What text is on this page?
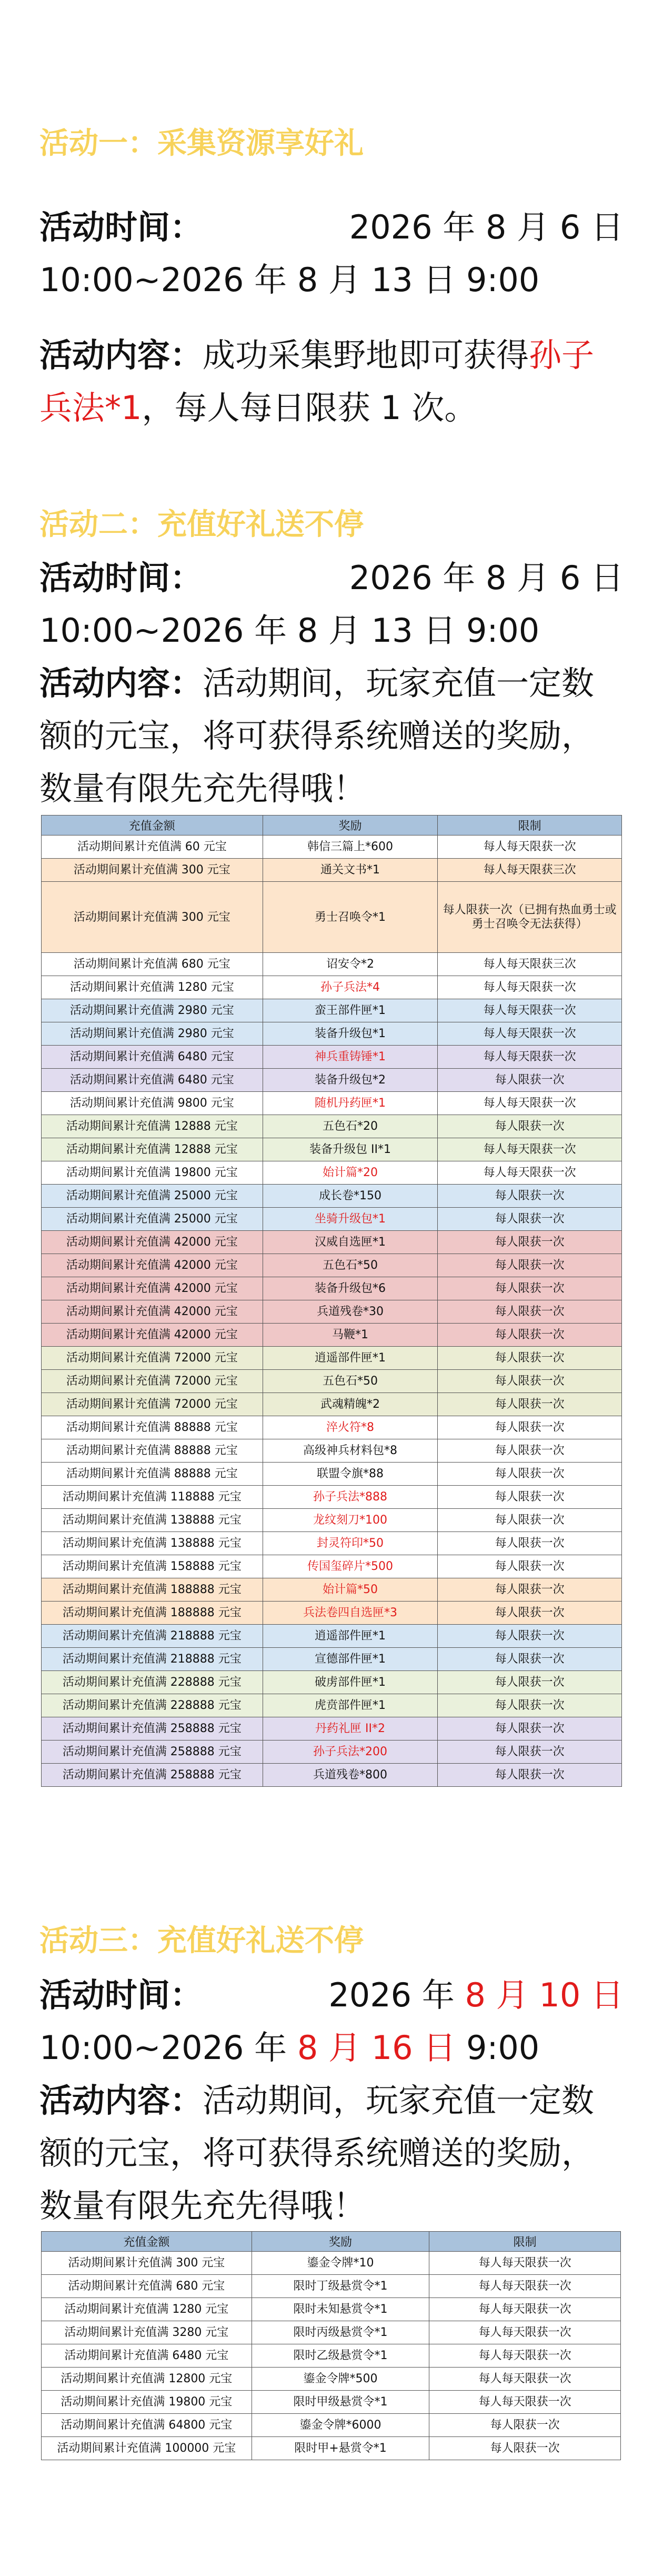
活动一：采集资源享好礼
活动时间：	2026 年 8 月 6 日
10:00~2026 年 8 月 13 日 9:00
活动内容：成功采集野地即可获得孙子兵法*1，每人每日限获 1 次。
活动二：充值好礼送不停
活动时间：	2026 年 8 月 6 日
10:00~2026 年 8 月 13 日 9:00
活动内容：活动期间，玩家充值一定数额的元宝，将可获得系统赠送的奖励，数量有限先充先得哦！
充值金额	奖励	限制
活动期间累计充值满 60 元宝	韩信三篇上*600	每人每天限获一次
活动期间累计充值满 300 元宝	通关文书*1	每人每天限获三次
活动期间累计充值满 300 元宝	勇士召唤令*1	每人限获一次（已拥有热血勇士或勇士召唤令无法获得）
活动期间累计充值满 680 元宝	诏安令*2	每人每天限获三次
活动期间累计充值满 1280 元宝	孙子兵法*4	每人每天限获一次
活动期间累计充值满 2980 元宝	蛮王部件匣*1	每人每天限获一次
活动期间累计充值满 2980 元宝	装备升级包*1	每人每天限获一次
活动期间累计充值满 6480 元宝	神兵重铸锤*1	每人每天限获一次
活动期间累计充值满 6480 元宝	装备升级包*2	每人限获一次
活动期间累计充值满 9800 元宝	随机丹药匣*1	每人每天限获一次
活动期间累计充值满 12888 元宝	五色石*20	每人限获一次
活动期间累计充值满 12888 元宝	装备升级包 II*1	每人每天限获一次
活动期间累计充值满 19800 元宝	始计篇*20	每人每天限获一次
活动期间累计充值满 25000 元宝	成长卷*150	每人限获一次
活动期间累计充值满 25000 元宝	坐骑升级包*1	每人限获一次
活动期间累计充值满 42000 元宝	汉威自选匣*1	每人限获一次
活动期间累计充值满 42000 元宝	五色石*50	每人限获一次
活动期间累计充值满 42000 元宝	装备升级包*6	每人限获一次
活动期间累计充值满 42000 元宝	兵道残卷*30	每人限获一次
活动期间累计充值满 42000 元宝	马鞭*1	每人限获一次
活动期间累计充值满 72000 元宝	逍遥部件匣*1	每人限获一次
活动期间累计充值满 72000 元宝	五色石*50	每人限获一次
活动期间累计充值满 72000 元宝	武魂精魄*2	每人限获一次
活动期间累计充值满 88888 元宝	淬火符*8	每人限获一次
活动期间累计充值满 88888 元宝	高级神兵材料包*8	每人限获一次
活动期间累计充值满 88888 元宝	联盟令旗*88	每人限获一次
活动期间累计充值满 118888 元宝	孙子兵法*888	每人限获一次
活动期间累计充值满 138888 元宝	龙纹刻刀*100	每人限获一次
活动期间累计充值满 138888 元宝	封灵符印*50	每人限获一次
活动期间累计充值满 158888 元宝	传国玺碎片*500	每人限获一次
活动期间累计充值满 188888 元宝	始计篇*50	每人限获一次
活动期间累计充值满 188888 元宝	兵法卷四自选匣*3	每人限获一次
活动期间累计充值满 218888 元宝	逍遥部件匣*1	每人限获一次
活动期间累计充值满 218888 元宝	宣德部件匣*1	每人限获一次
活动期间累计充值满 228888 元宝	破虏部件匣*1	每人限获一次
活动期间累计充值满 228888 元宝	虎贲部件匣*1	每人限获一次
活动期间累计充值满 258888 元宝	丹药礼匣 II*2	每人限获一次
活动期间累计充值满 258888 元宝	孙子兵法*200	每人限获一次
活动期间累计充值满 258888 元宝	兵道残卷*800	每人限获一次
活动三：充值好礼送不停
活动时间：	2026 年 8 月 10 日
10:00~2026 年 8 月 16 日 9:00
活动内容：活动期间，玩家充值一定数额的元宝，将可获得系统赠送的奖励，数量有限先充先得哦！
充值金额	奖励	限制
活动期间累计充值满 300 元宝	鎏金令牌*10	每人每天限获一次
活动期间累计充值满 680 元宝	限时丁级悬赏令*1	每人每天限获一次
活动期间累计充值满 1280 元宝	限时未知悬赏令*1	每人每天限获一次
活动期间累计充值满 3280 元宝	限时丙级悬赏令*1	每人每天限获一次
活动期间累计充值满 6480 元宝	限时乙级悬赏令*1	每人每天限获一次
活动期间累计充值满 12800 元宝	鎏金令牌*500	每人每天限获一次
活动期间累计充值满 19800 元宝	限时甲级悬赏令*1	每人每天限获一次
活动期间累计充值满 64800 元宝	鎏金令牌*6000	每人限获一次
活动期间累计充值满 100000 元宝	限时甲+悬赏令*1	每人限获一次
